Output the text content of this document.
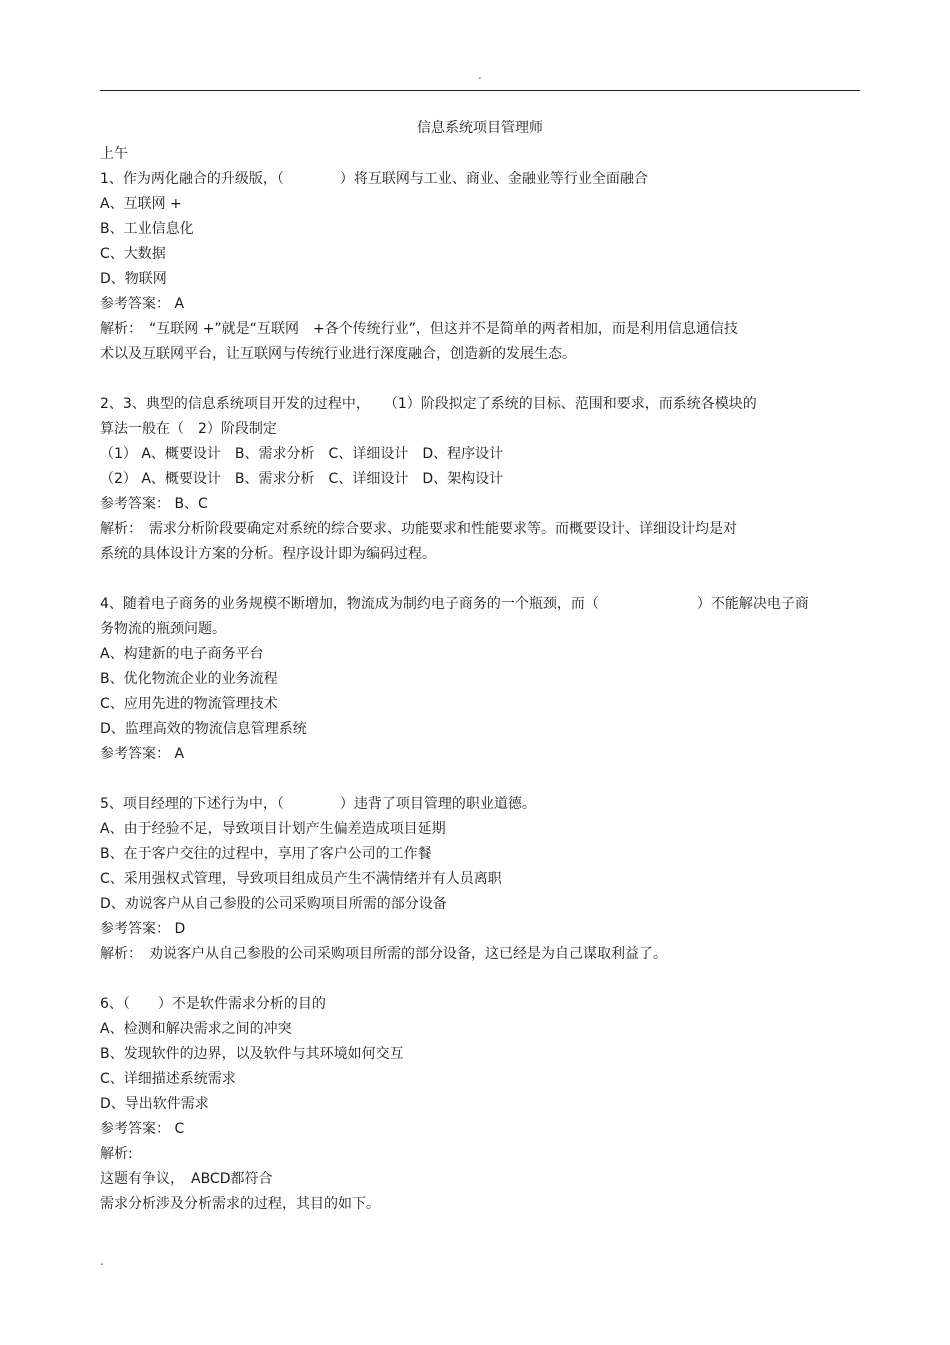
.
信息系统项目管理师
上午
1、作为两化融合的升级版，（　　　　）将互联网与工业、商业、金融业等行业全面融合
A、互联网 +
B、工业信息化
C、大数据
D、物联网
参考答案： A
解析：　“互联网 +”就是“互联网　+各个传统行业”，但这并不是简单的两者相加，而是利用信息通信技
术以及互联网平台，让互联网与传统行业进行深度融合，创造新的发展生态。
2、3、典型的信息系统项目开发的过程中，　　（1）阶段拟定了系统的目标、范围和要求，而系统各模块的
算法一般在（　2）阶段制定
（1） A、概要设计　B、需求分析　C、详细设计　D、程序设计
（2） A、概要设计　B、需求分析　C、详细设计　D、架构设计
参考答案： B、C
解析：　需求分析阶段要确定对系统的综合要求、功能要求和性能要求等。而概要设计、详细设计均是对
系统的具体设计方案的分析。程序设计即为编码过程。
4、随着电子商务的业务规模不断增加，物流成为制约电子商务的一个瓶颈，而（　　　　　　　）不能解决电子商
务物流的瓶颈问题。
A、构建新的电子商务平台
B、优化物流企业的业务流程
C、应用先进的物流管理技术
D、监理高效的物流信息管理系统
参考答案： A
5、项目经理的下述行为中，（　　　　）违背了项目管理的职业道德。
A、由于经验不足，导致项目计划产生偏差造成项目延期
B、在于客户交往的过程中，享用了客户公司的工作餐
C、采用强权式管理，导致项目组成员产生不满情绪并有人员离职
D、劝说客户从自己参股的公司采购项目所需的部分设备
参考答案： D
解析：　劝说客户从自己参股的公司采购项目所需的部分设备，这已经是为自己谋取利益了。
6、（　　）不是软件需求分析的目的
A、检测和解决需求之间的冲突
B、发现软件的边界，以及软件与其环境如何交互
C、详细描述系统需求
D、导出软件需求
参考答案： C
解析:
这题有争议，　ABCD都符合
需求分析涉及分析需求的过程，其目的如下。
.
